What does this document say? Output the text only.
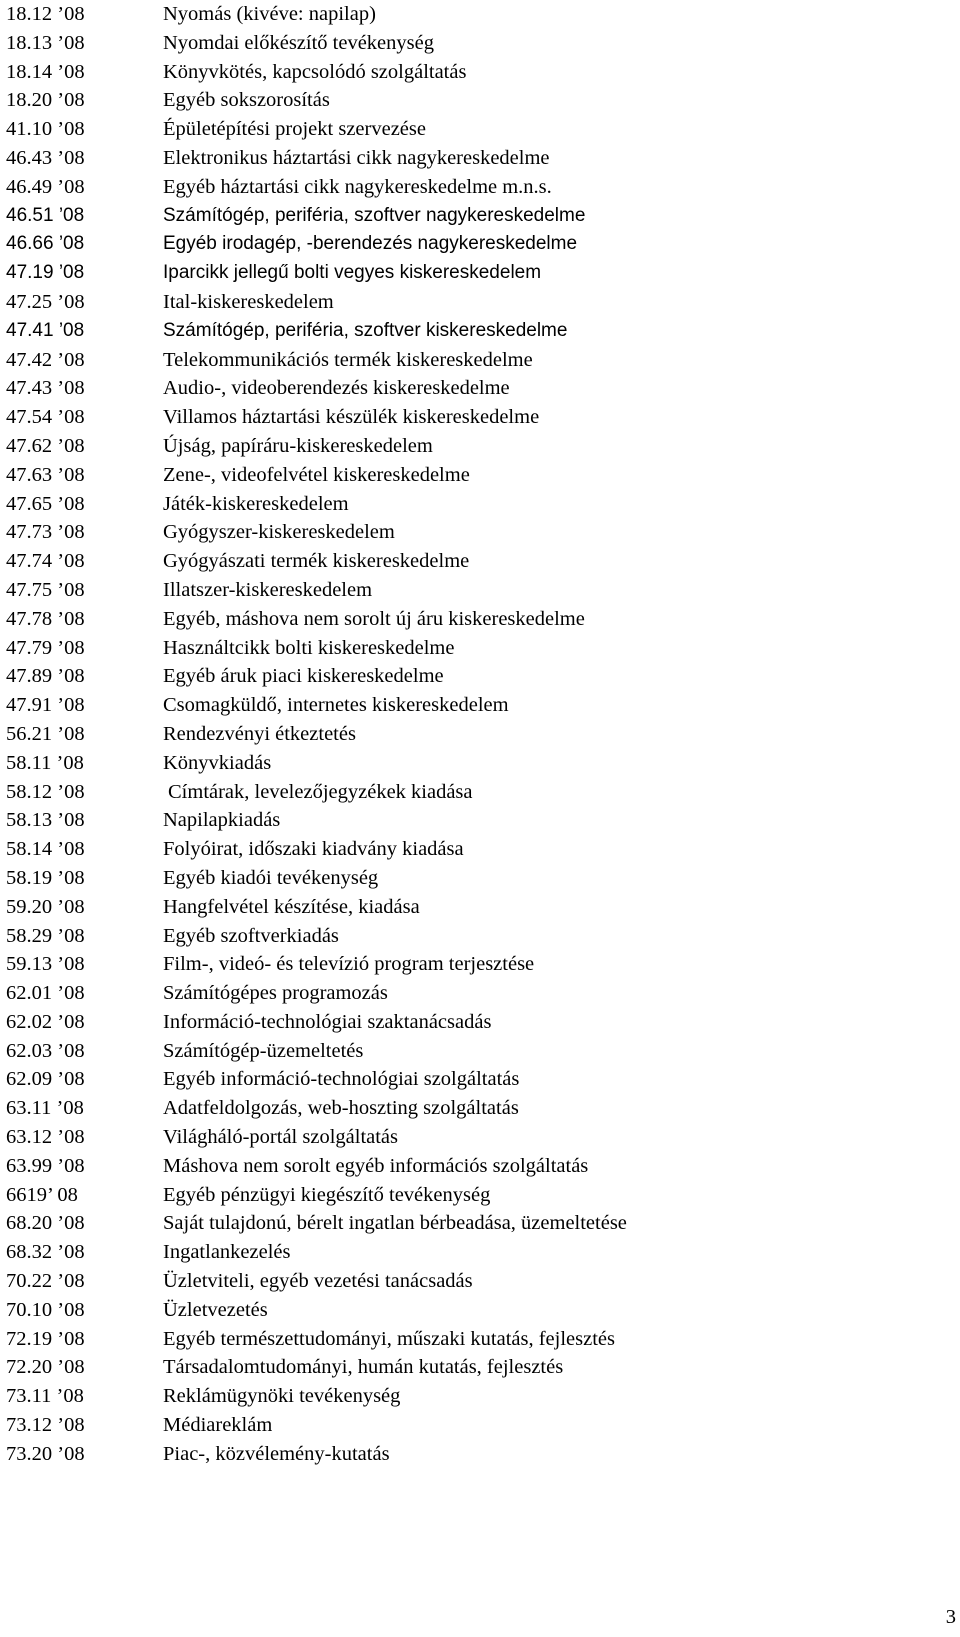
18.12 ’08	Nyomás (kivéve: napilap)
18.13 ’08	Nyomdai előkészítő tevékenység
18.14 ’08	Könyvkötés, kapcsolódó szolgáltatás
18.20 ’08	Egyéb sokszorosítás
41.10 ’08	Épületépítési projekt szervezése
46.43 ’08	Elektronikus háztartási cikk nagykereskedelme
46.49 ’08	Egyéb háztartási cikk nagykereskedelme m.n.s.
46.51 ’08	Számítógép, periféria, szoftver nagykereskedelme
46.66 ’08	Egyéb irodagép, -berendezés nagykereskedelme
47.19 ’08	Iparcikk jellegű bolti vegyes kiskereskedelem
47.25 ’08	Ital-kiskereskedelem
47.41 ’08	Számítógép, periféria, szoftver kiskereskedelme
47.42 ’08	Telekommunikációs termék kiskereskedelme
47.43 ’08	Audio-, videoberendezés kiskereskedelme
47.54 ’08	Villamos háztartási készülék kiskereskedelme
47.62 ’08	Újság, papíráru-kiskereskedelem
47.63 ’08	Zene-, videofelvétel kiskereskedelme
47.65 ’08	Játék-kiskereskedelem
47.73 ’08	Gyógyszer-kiskereskedelem
47.74 ’08	Gyógyászati termék kiskereskedelme
47.75 ’08	Illatszer-kiskereskedelem
47.78 ’08	Egyéb, máshova nem sorolt új áru kiskereskedelme
47.79 ’08	Használtcikk bolti kiskereskedelme
47.89 ’08	Egyéb áruk piaci kiskereskedelme
47.91 ’08	Csomagküldő, internetes kiskereskedelem
56.21 ’08	Rendezvényi étkeztetés
58.11 ’08	Könyvkiadás
58.12 ’08	Címtárak, levelezőjegyzékek kiadása
58.13 ’08	Napilapkiadás
58.14 ’08	Folyóirat, időszaki kiadvány kiadása
58.19 ’08	Egyéb kiadói tevékenység
59.20 ’08	Hangfelvétel készítése, kiadása
58.29 ’08	Egyéb szoftverkiadás
59.13 ’08	Film-, videó- és televízió program terjesztése
62.01 ’08	Számítógépes programozás
62.02 ’08	Információ-technológiai szaktanácsadás
62.03 ’08	Számítógép-üzemeltetés
62.09 ’08	Egyéb információ-technológiai szolgáltatás
63.11 ’08	Adatfeldolgozás, web-hoszting szolgáltatás
63.12 ’08	Világháló-portál szolgáltatás
63.99 ’08	Máshova nem sorolt egyéb információs szolgáltatás
6619’ 08	Egyéb pénzügyi kiegészítő tevékenység
68.20 ’08	Saját tulajdonú, bérelt ingatlan bérbeadása, üzemeltetése
68.32 ’08	Ingatlankezelés
70.22 ’08	Üzletviteli, egyéb vezetési tanácsadás
70.10 ’08	Üzletvezetés
72.19 ’08	Egyéb természettudományi, műszaki kutatás, fejlesztés
72.20 ’08	Társadalomtudományi, humán kutatás, fejlesztés
73.11 ’08	Reklámügynöki tevékenység
73.12 ’08	Médiareklám
73.20 ’08	Piac-, közvélemény-kutatás
3
